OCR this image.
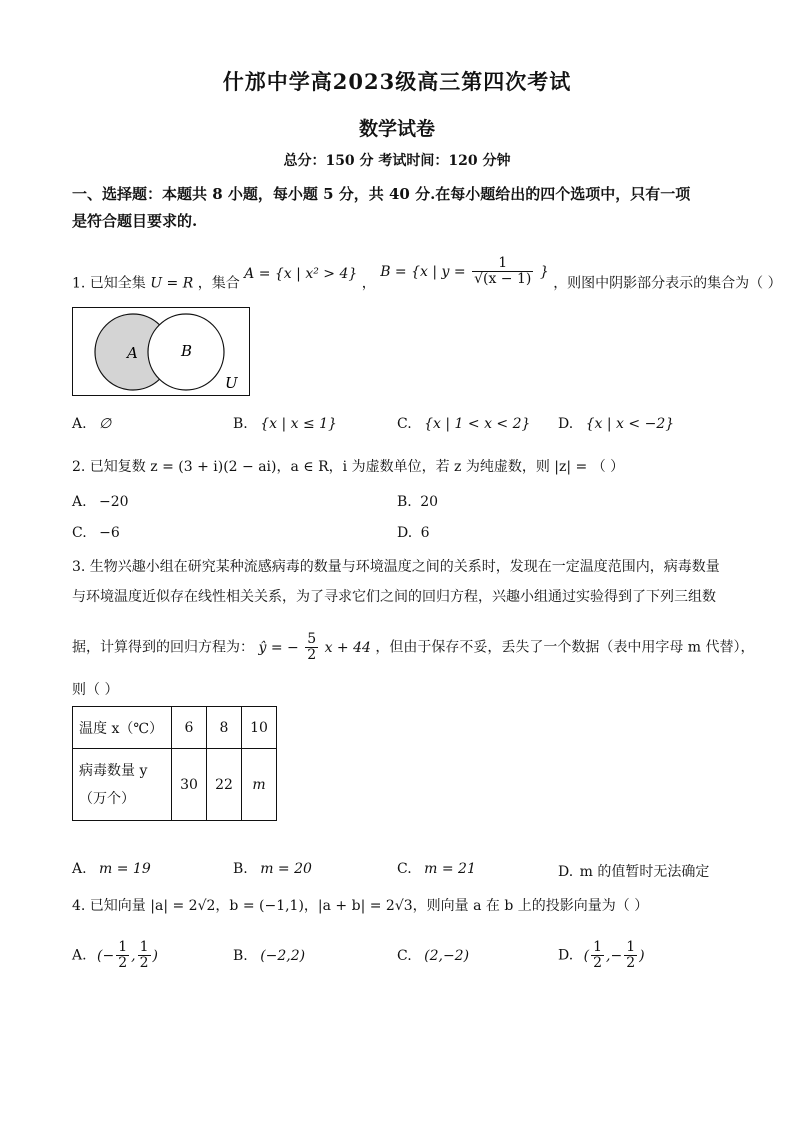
什邡中学高2023级高三第四次考试
数学试卷
总分：150 分 考试时间：120 分钟
一、选择题：本题共 8 小题，每小题 5 分，共 40 分.在每小题给出的四个选项中，只有一项
是符合题目要求的.
1. 已知全集 U = R ，集合 A = {x | x² > 4} ， B = {x | $y = \frac{1}{√(x - 1)}$ } ，则图中阴影部分表示的集合为（ ）
A	B
U
A. ∅	B. {x | x ≤ 1}	C. {x | 1 < x < 2} D. {x | x < −2}
2. 已知复数 z = (3 + i)(2 − ai)，a ∈ R，i 为虚数单位，若 z 为纯虚数，则 |z| = （ ）
A. −20	B. 20
C. −6	D. 6
3. 生物兴趣小组在研究某种流感病毒的数量与环境温度之间的关系时，发现在一定温度范围内，病毒数量
与环境温度近似存在线性相关关系，为了寻求它们之间的回归方程，兴趣小组通过实验得到了下列三组数
据，计算得到的回归方程为： ŷ = − $\frac{5}{2}$ x + 44 ，但由于保存不妥，丢失了一个数据（表中用字母 m 代替），
则（ ）
温度 x（℃）	6	8	10

病毒数量 y
（万个）	30	22	m
A. m = 19	B. m = 20	C. m = 21	D. m 的值暂时无法确定
4. 已知向量 |a| = 2√2，b = (−1,1)，|a + b| = 2√3，则向量 a 在 b 上的投影向量为（ ）
A. (− $\frac{1}{2}$ , $\frac{1}{2}$ )	B. (−2,2)	C. (2,−2)	D. ( $\frac{1}{2}$ ,− $\frac{1}{2}$ )
